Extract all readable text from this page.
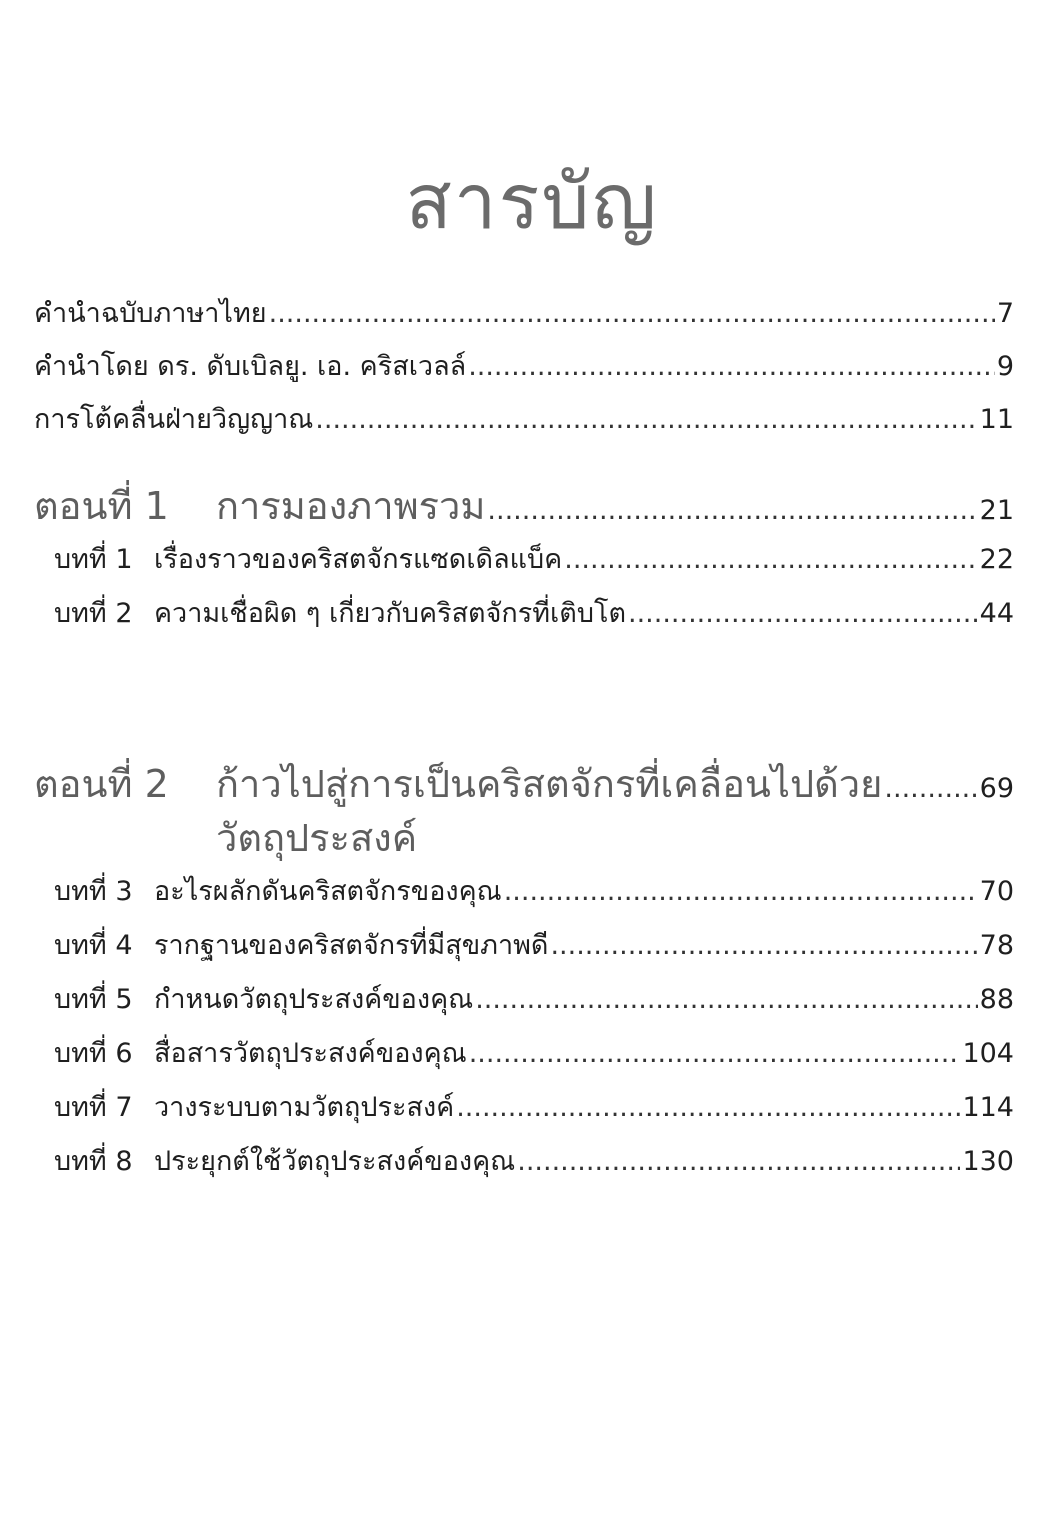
สารบัญ
คำนำฉบับภาษาไทย .....	7
คำนำโดย ดร. ดับเบิลยู. เอ. คริสเวลล์ .....	9
การโต้คลื่นฝ่ายวิญญาณ .....	11
ตอนที่ 1	การมองภาพรวม .....	21
บทที่ 1 เรื่องราวของคริสตจักรแซดเดิลแบ็ค .....	22
บทที่ 2 ความเชื่อผิด ๆ เกี่ยวกับคริสตจักรที่เติบโต .....	44
ตอนที่ 2	ก้าวไปสู่การเป็นคริสตจักรที่เคลื่อนไปด้วย .....	69
วัตถุประสงค์
บทที่ 3 อะไรผลักดันคริสตจักรของคุณ .....	70
บทที่ 4 รากฐานของคริสตจักรที่มีสุขภาพดี .....	78
บทที่ 5 กำหนดวัตถุประสงค์ของคุณ .....	88
บทที่ 6 สื่อสารวัตถุประสงค์ของคุณ .....	104
บทที่ 7 วางระบบตามวัตถุประสงค์ .....	114
บทที่ 8 ประยุกต์ใช้วัตถุประสงค์ของคุณ .....	130
